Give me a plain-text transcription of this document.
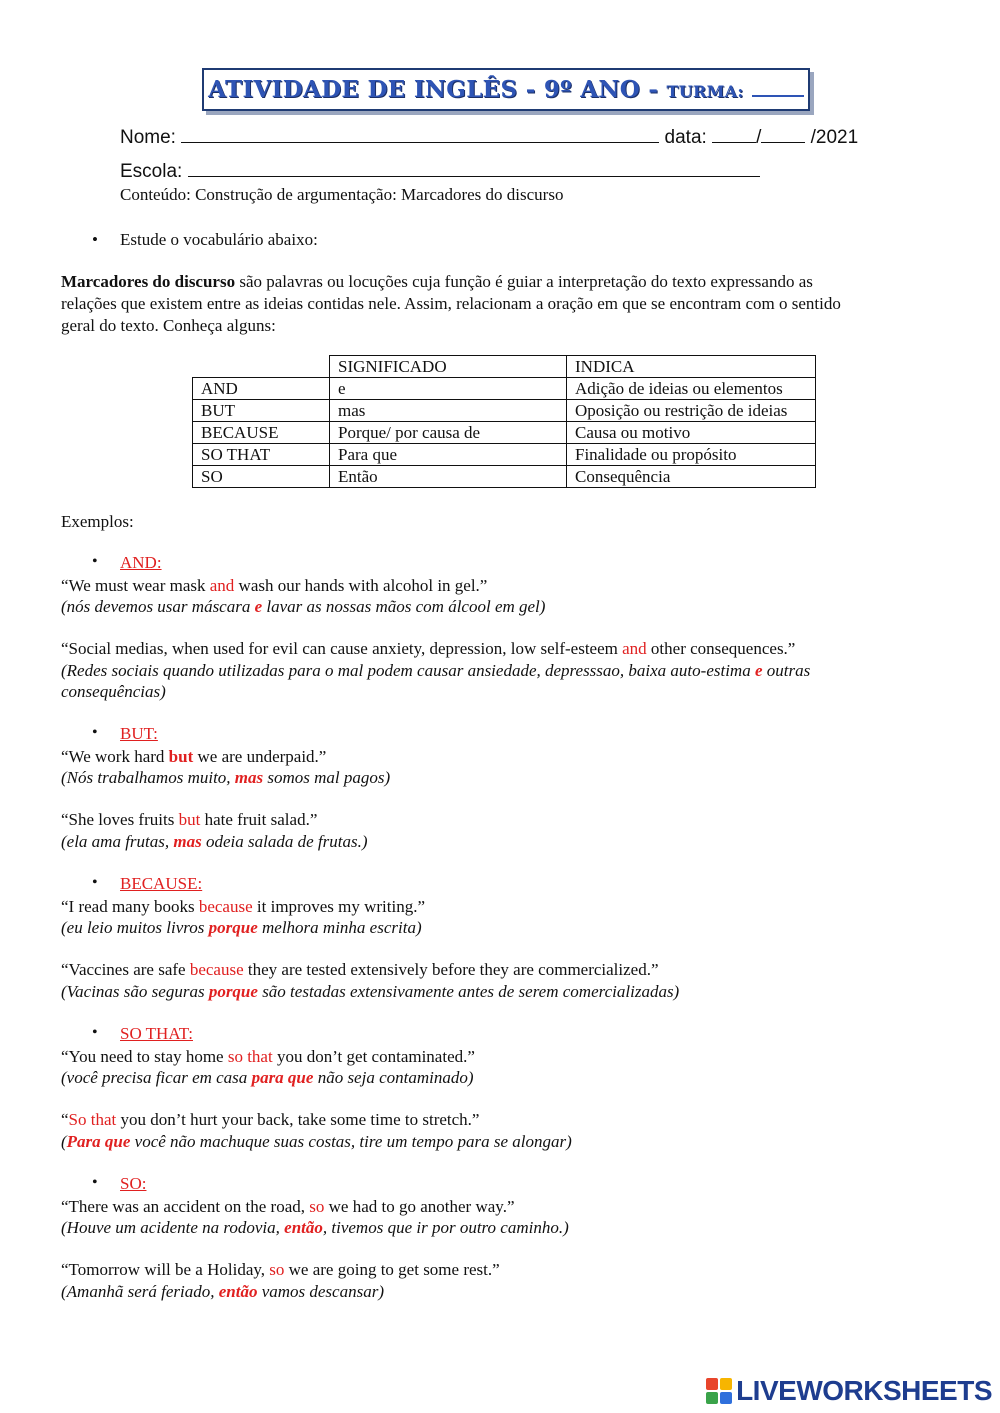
ATIVIDADE DE INGLÊS - 9º ANO - TURMA:
Nome:	data:	/	/2021
Escola:
Conteúdo: Construção de argumentação: Marcadores do discurso
• Estude o vocabulário abaixo:
Marcadores do discurso são palavras ou locuções cuja função é guiar a interpretação do texto expressando as
relações que existem entre as ideias contidas nele. Assim, relacionam a oração em que se encontram com o sentido
geral do texto. Conheça alguns:
	SIGNIFICADO	INDICA
AND	e	Adição de ideias ou elementos
BUT	mas	Oposição ou restrição de ideias
BECAUSE	Porque/ por causa de	Causa ou motivo
SO THAT	Para que	Finalidade ou propósito
SO	Então	Consequência
Exemplos:
• AND:
“We must wear mask and wash our hands with alcohol in gel.”
(nós devemos usar máscara e lavar as nossas mãos com álcool em gel)
“Social medias, when used for evil can cause anxiety, depression, low self-esteem and other consequences.”
(Redes sociais quando utilizadas para o mal podem causar ansiedade, depresssao, baixa auto-estima e outras
consequências)
• BUT:
“We work hard but we are underpaid.”
(Nós trabalhamos muito, mas somos mal pagos)
“She loves fruits but hate fruit salad.”
(ela ama frutas, mas odeia salada de frutas.)
• BECAUSE:
“I read many books because it improves my writing.”
(eu leio muitos livros porque melhora minha escrita)
“Vaccines are safe because they are tested extensively before they are commercialized.”
(Vacinas são seguras porque são testadas extensivamente antes de serem comercializadas)
• SO THAT:
“You need to stay home so that you don’t get contaminated.”
(você precisa ficar em casa para que não seja contaminado)
“So that you don’t hurt your back, take some time to stretch.”
(Para que você não machuque suas costas, tire um tempo para se alongar)
• SO:
“There was an accident on the road, so we had to go another way.”
(Houve um acidente na rodovia, então, tivemos que ir por outro caminho.)
“Tomorrow will be a Holiday, so we are going to get some rest.”
(Amanhã será feriado, então vamos descansar)
LIVEWORKSHEETS
